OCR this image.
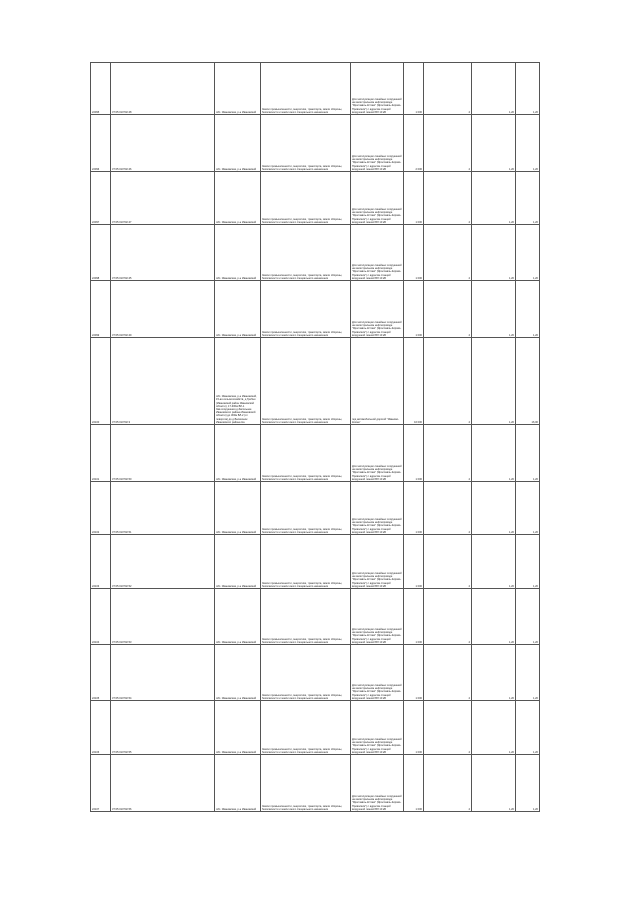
22095	37:05:010702:48	обл. Ивановская, р-н Ивановский	Земли промышленности, энергетики, транспорта, земли обороны, безопасности и земли иного специального назначения	Для эксплуатации линейных сооружений на магистральном нефтепроводе "Ярославль-Кстово" (Ярославль-Кирово-Приволжск") с адресом станций воздушной линией ВЛ 10 кВ	1 000	4	1,20	1,20
22096	37:05:010702:46	обл. Ивановская, р-н Ивановский	Земли промышленности, энергетики, транспорта, земли обороны, безопасности и земли иного специального назначения	Для эксплуатации линейных сооружений на магистральном нефтепроводе "Ярославль-Кстово" (Ярославль-Кирово-Приволжск") с адресом станций воздушной линией ВЛ 10 кВ	2 000	4	1,20	1,20
22097	37:05:010702:47	обл. Ивановская, р-н Ивановский	Земли промышленности, энергетики, транспорта, земли обороны, безопасности и земли иного специального назначения	Для эксплуатации линейных сооружений на магистральном нефтепроводе "Ярославль-Кстово" (Ярославль-Кирово-Приволжск") с адресом станций воздушной линией ВЛ 10 кВ	1 000	4	1,20	1,20
22098	37:05:010702:45	обл. Ивановская, р-н Ивановский	Земли промышленности, энергетики, транспорта, земли обороны, безопасности и земли иного специального назначения	Для эксплуатации линейных сооружений на магистральном нефтепроводе "Ярославль-Кстово" (Ярославль-Кирово-Приволжск") с адресом станций воздушной линией ВЛ 10 кВ	1 000	4	1,20	1,20
22099	37:05:010702:49	обл. Ивановская, р-н Ивановский	Земли промышленности, энергетики, транспорта, земли обороны, безопасности и земли иного специального назначения	Для эксплуатации линейных сооружений на магистральном нефтепроводе "Ярославль-Кстово" (Ярославль-Кирово-Приволжск") с адресом станций воздушной линией ВЛ 10 кВ	1 000	4	1,20	1,20
22100	37:05:010702:3	обл. Ивановская, р-н Ивановский, 15-ая сельскохозяйств, д.Гребни (Ивановский район Ивановской области), 17-300м ВЛ-1 Зав.сооружения д.Запольнее Ивановского района Ивановской области) до 300м ВЛ-2 (от поворота) до д.Балахонок Ивановского района На	Земли промышленности, энергетики, транспорта, земли обороны, безопасности и земли иного специального назначения	под автомобильной дорогой "Иваново-Кохма"	16 000	4	1,20	16,00
22101	37:05:010702:50	обл. Ивановская, р-н Ивановский	Земли промышленности, энергетики, транспорта, земли обороны, безопасности и земли иного специального назначения	Для эксплуатации линейных сооружений на магистральном нефтепроводе "Ярославль-Кстово" (Ярославль-Кирово-Приволжск") с адресом станций воздушной линией ВЛ 10 кВ	1 000	4	1,20	1,20
22102	37:05:010702:51	обл. Ивановская, р-н Ивановский	Земли промышленности, энергетики, транспорта, земли обороны, безопасности и земли иного специального назначения	Для эксплуатации линейных сооружений на магистральном нефтепроводе "Ярославль-Кстово" (Ярославль-Кирово-Приволжск") с адресом станций воздушной линией ВЛ 10 кВ	1 000	4	1,20	1,20
22103	37:05:010702:52	обл. Ивановская, р-н Ивановский	Земли промышленности, энергетики, транспорта, земли обороны, безопасности и земли иного специального назначения	Для эксплуатации линейных сооружений на магистральном нефтепроводе "Ярославль-Кстово" (Ярославль-Кирово-Приволжск") с адресом станций воздушной линией ВЛ 10 кВ	1 000	4	1,20	1,20
22104	37:05:010702:53	обл. Ивановская, р-н Ивановский	Земли промышленности, энергетики, транспорта, земли обороны, безопасности и земли иного специального назначения	Для эксплуатации линейных сооружений на магистральном нефтепроводе "Ярославль-Кстово" (Ярославль-Кирово-Приволжск") с адресом станций воздушной линией ВЛ 10 кВ	1 000	4	1,20	1,20
22105	37:05:010702:54	обл. Ивановская, р-н Ивановский	Земли промышленности, энергетики, транспорта, земли обороны, безопасности и земли иного специального назначения	Для эксплуатации линейных сооружений на магистральном нефтепроводе "Ярославль-Кстово" (Ярославль-Кирово-Приволжск") с адресом станций воздушной линией ВЛ 10 кВ	1 000	4	1,20	1,20
22106	37:05:010702:55	обл. Ивановская, р-н Ивановский	Земли промышленности, энергетики, транспорта, земли обороны, безопасности и земли иного специального назначения	Для эксплуатации линейных сооружений на магистральном нефтепроводе "Ярославль-Кстово" (Ярославль-Кирово-Приволжск") с адресом станций воздушной линией ВЛ 10 кВ	1 000	4	1,20	1,20
22107	37:05:010702:56	обл. Ивановская, р-н Ивановский	Земли промышленности, энергетики, транспорта, земли обороны, безопасности и земли иного специального назначения	Для эксплуатации линейных сооружений на магистральном нефтепроводе "Ярославль-Кстово" (Ярославль-Кирово-Приволжск") с адресом станций воздушной линией ВЛ 10 кВ	1 000	4	1,20	1,20
